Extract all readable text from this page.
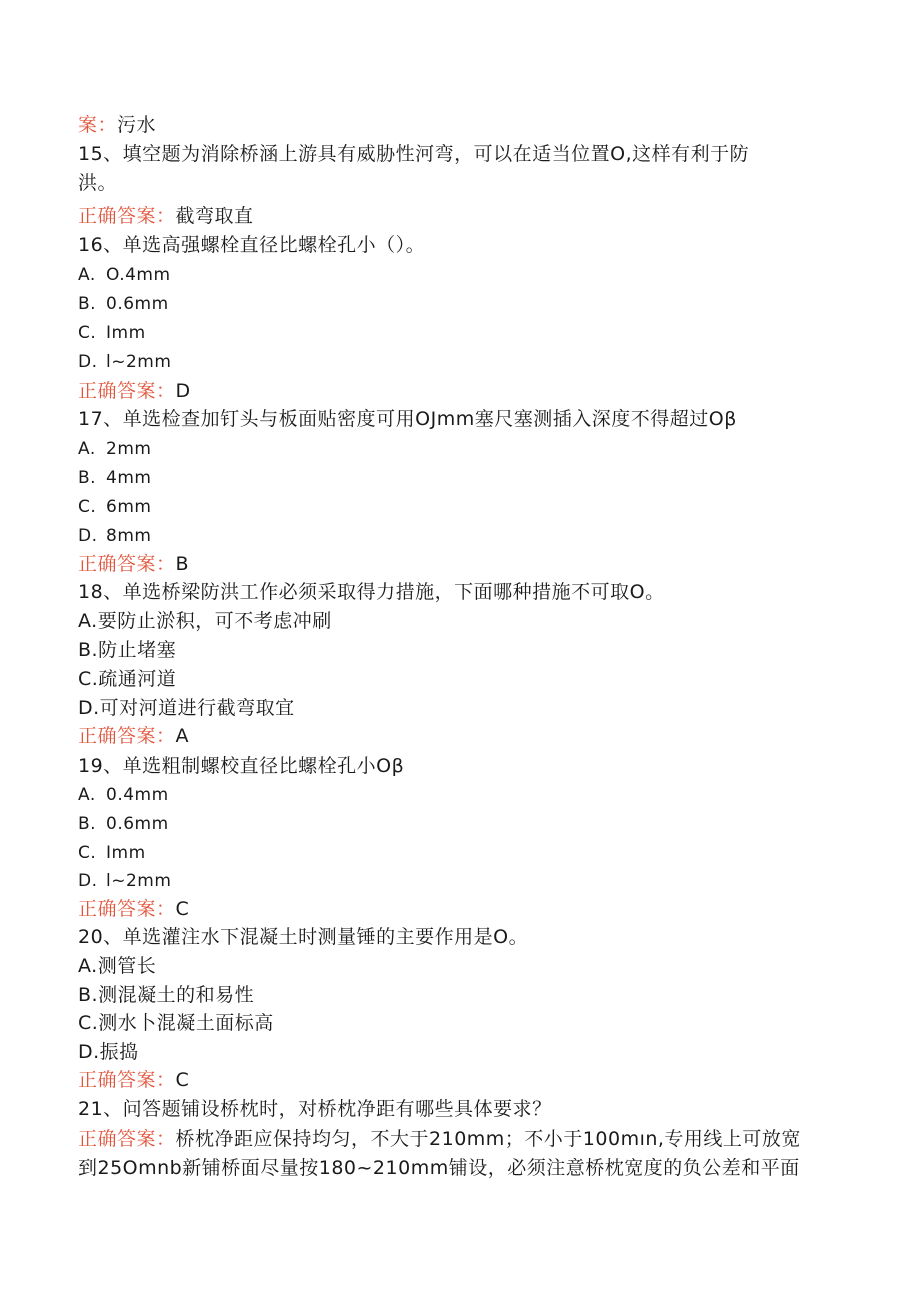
案：污水
15、填空题为消除桥涵上游具有威胁性河弯，可以在适当位置O,这样有利于防
洪。
正确答案：截弯取直
16、单选高强螺栓直径比螺栓孔小（）。
A. O.4mm
B. 0.6mm
C. Imm
D. l~2mm
正确答案：D
17、单选检查加钉头与板面贴密度可用OJmm塞尺塞测插入深度不得超过Oβ
A. 2mm
B. 4mm
C. 6mm
D. 8mm
正确答案：B
18、单选桥梁防洪工作必须采取得力措施，下面哪种措施不可取O。
A.要防止淤积，可不考虑冲刷
B.防止堵塞
C.疏通河道
D.可对河道进行截弯取宜
正确答案：A
19、单选粗制螺校直径比螺栓孔小Oβ
A. 0.4mm
B. 0.6mm
C. Imm
D. l~2mm
正确答案：C
20、单选灌注水下混凝土时测量锤的主要作用是O。
A.测管长
B.测混凝土的和易性
C.测水卜混凝土面标高
D.振捣
正确答案：C
21、问答题铺设桥枕时，对桥枕净距有哪些具体要求？
正确答案：桥枕净距应保持均匀，不大于210mm；不小于100mın,专用线上可放宽
到25Omnb新铺桥面尽量按180~210mm铺设，必须注意桥枕宽度的负公差和平面
